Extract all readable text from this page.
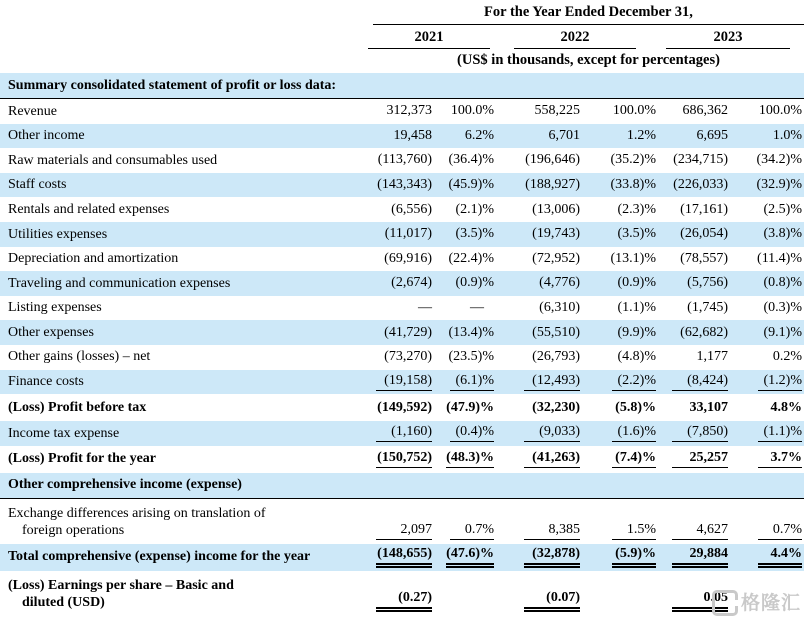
For the Year Ended December 31,
2021	2022	2023
(US$ in thousands, except for percentages)
Summary consolidated statement of profit or loss data:
Revenue	312,373	100.0%	558,225	100.0%	686,362	100.0%
Other income	19,458	6.2%	6,701	1.2%	6,695	1.0%
Raw materials and consumables used	(113,760)	(36.4)%	(196,646)	(35.2)%	(234,715)	(34.2)%
Staff costs	(143,343)	(45.9)%	(188,927)	(33.8)%	(226,033)	(32.9)%
Rentals and related expenses	(6,556)	(2.1)%	(13,006)	(2.3)%	(17,161)	(2.5)%
Utilities expenses	(11,017)	(3.5)%	(19,743)	(3.5)%	(26,054)	(3.8)%
Depreciation and amortization	(69,916)	(22.4)%	(72,952)	(13.1)%	(78,557)	(11.4)%
Traveling and communication expenses	(2,674)	(0.9)%	(4,776)	(0.9)%	(5,756)	(0.8)%
Listing expenses	—	—	(6,310)	(1.1)%	(1,745)	(0.3)%
Other expenses	(41,729)	(13.4)%	(55,510)	(9.9)%	(62,682)	(9.1)%
Other gains (losses) – net	(73,270)	(23.5)%	(26,793)	(4.8)%	1,177	0.2%
Finance costs	(19,158)	(6.1)%	(12,493)	(2.2)%	(8,424)	(1.2)%
(Loss) Profit before tax	(149,592)	(47.9)%	(32,230)	(5.8)%	33,107	4.8%
Income tax expense	(1,160)	(0.4)%	(9,033)	(1.6)%	(7,850)	(1.1)%
(Loss) Profit for the year	(150,752)	(48.3)%	(41,263)	(7.4)%	25,257	3.7%
Other comprehensive income (expense)
Exchange differences arising on translation of
foreign operations	2,097	0.7%	8,385	1.5%	4,627	0.7%
Total comprehensive (expense) income for the year	(148,655)	(47.6)%	(32,878)	(5.9)%	29,884	4.4%
(Loss) Earnings per share – Basic and
diluted (USD)	(0.27)	(0.07)	0.05 格隆汇
